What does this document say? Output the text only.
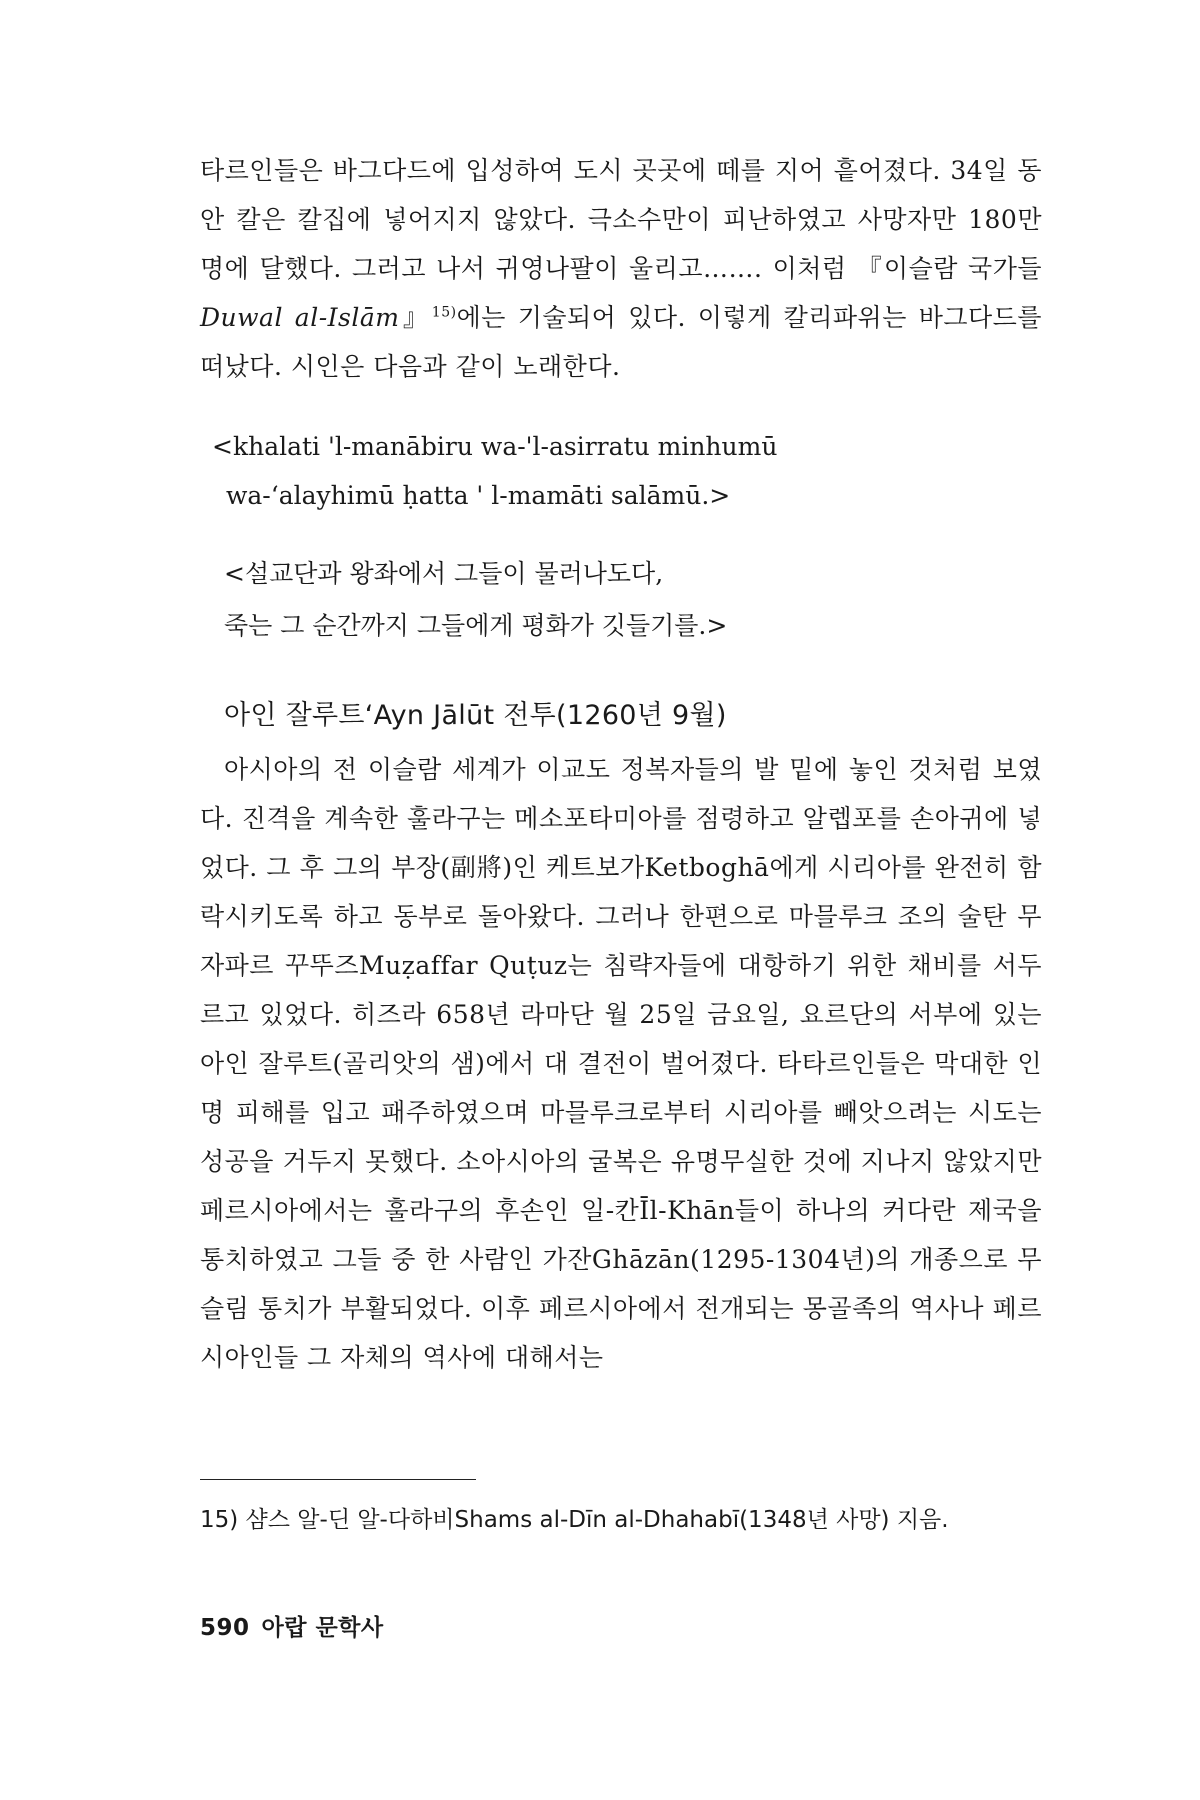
타르인들은 바그다드에 입성하여 도시 곳곳에 떼를 지어 흩어졌다. 34일 동안 칼은 칼집에 넣어지지 않았다. 극소수만이 피난하였고 사망자만 180만 명에 달했다. 그러고 나서 귀영나팔이 울리고……. 이처럼 『이슬람 국가들 Duwal al-Islām』$^{15)}$에는 기술되어 있다. 이렇게 칼리파위는 바그다드를 떠났다. 시인은 다음과 같이 노래한다.
<khalati 'l-manābiru wa-'l-asirratu minhumū
wa-‘alayhimū ḥatta ' l-mamāti salāmū.>
<설교단과 왕좌에서 그들이 물러나도다,
죽는 그 순간까지 그들에게 평화가 깃들기를.>
아인 잘루트‘Ayn Jālūt 전투(1260년 9월)
아시아의 전 이슬람 세계가 이교도 정복자들의 발 밑에 놓인 것처럼 보였다. 진격을 계속한 훌라구는 메소포타미아를 점령하고 알렙포를 손아귀에 넣었다. 그 후 그의 부장(副將)인 케트보가Ketboghā에게 시리아를 완전히 함락시키도록 하고 동부로 돌아왔다. 그러나 한편으로 마믈루크 조의 술탄 무자파르 꾸뚜즈Muẓaffar Quṭuz는 침략자들에 대항하기 위한 채비를 서두르고 있었다. 히즈라 658년 라마단 월 25일 금요일, 요르단의 서부에 있는 아인 잘루트(골리앗의 샘)에서 대 결전이 벌어졌다. 타타르인들은 막대한 인명 피해를 입고 패주하였으며 마믈루크로부터 시리아를 빼앗으려는 시도는 성공을 거두지 못했다. 소아시아의 굴복은 유명무실한 것에 지나지 않았지만 페르시아에서는 훌라구의 후손인 일-칸Īl-Khān들이 하나의 커다란 제국을 통치하였고 그들 중 한 사람인 가잔Ghāzān(1295-1304년)의 개종으로 무슬림 통치가 부활되었다. 이후 페르시아에서 전개되는 몽골족의 역사나 페르시아인들 그 자체의 역사에 대해서는
15) 샴스 알-딘 알-다하비Shams al-Dīn al-Dhahabī(1348년 사망) 지음.
590 아랍 문학사
